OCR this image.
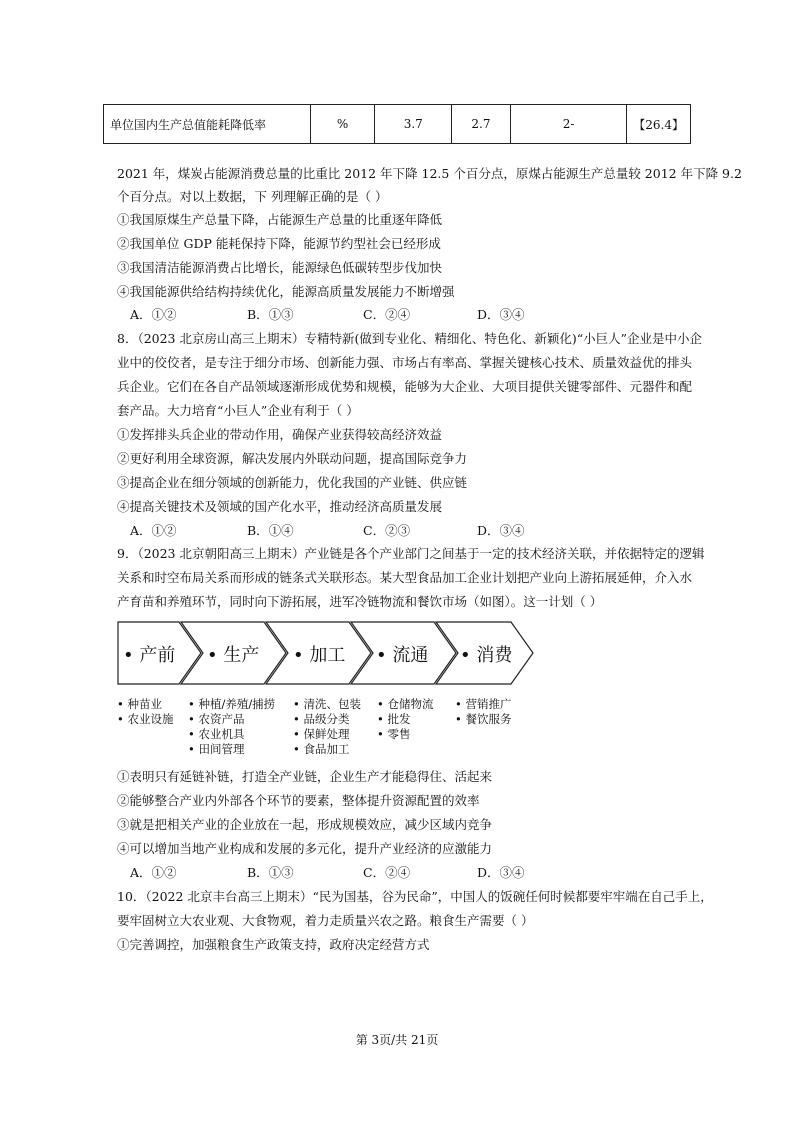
单位国内生产总值能耗降低率	%	3.7	2.7	2-	【26.4】
2021 年，煤炭占能源消费总量的比重比 2012 年下降 12.5 个百分点，原煤占能源生产总量较 2012 年下降 9.2
个百分点。对以上数据，下 列理解正确的是（ ）
①我国原煤生产总量下降，占能源生产总量的比重逐年降低
②我国单位 GDP 能耗保持下降，能源节约型社会已经形成
③我国清洁能源消费占比增长，能源绿色低碳转型步伐加快
④我国能源供给结构持续优化，能源高质量发展能力不断增强
A．①②	B．①③	C．②④	D．③④
8．（2023 北京房山高三上期末）专精特新(做到专业化、精细化、特色化、新颖化)“小巨人”企业是中小企
业中的佼佼者，是专注于细分市场、创新能力强、市场占有率高、掌握关键核心技术、质量效益优的排头
兵企业。它们在各自产品领域逐渐形成优势和规模，能够为大企业、大项目提供关键零部件、元器件和配
套产品。大力培育“小巨人”企业有利于（ ）
①发挥排头兵企业的带动作用，确保产业获得较高经济效益
②更好利用全球资源，解决发展内外联动问题，提高国际竞争力
③提高企业在细分领域的创新能力，优化我国的产业链、供应链
④提高关键技术及领域的国产化水平，推动经济高质量发展
A．①②	B．①④	C．②③	D．③④
9．（2023 北京朝阳高三上期末）产业链是各个产业部门之间基于一定的技术经济关联，并依据特定的逻辑
关系和时空布局关系而形成的链条式关联形态。某大型食品加工企业计划把产业向上游拓展延伸，介入水
产育苗和养殖环节，同时向下游拓展，进军冷链物流和餐饮市场（如图）。这一计划（ ）
• 产前 • 生产 • 加工 • 流通 • 消费
• 种苗业
• 农业设施
• 种植/养殖/捕捞
• 农资产品
• 农业机具
• 田间管理
• 清洗、包装
• 品级分类
• 保鲜处理
• 食品加工
• 仓储物流
• 批发
• 零售
• 营销推广
• 餐饮服务
①表明只有延链补链，打造全产业链，企业生产才能稳得住、活起来
②能够整合产业内外部各个环节的要素，整体提升资源配置的效率
③就是把相关产业的企业放在一起，形成规模效应，减少区域内竞争
④可以增加当地产业构成和发展的多元化，提升产业经济的应激能力
A．①②	B．①③	C．②④	D．③④
10．（2022 北京丰台高三上期末）“民为国基，谷为民命”，中国人的饭碗任何时候都要牢牢端在自己手上，
要牢固树立大农业观、大食物观，着力走质量兴农之路。粮食生产需要（ ）
①完善调控，加强粮食生产政策支持，政府决定经营方式
第 3页/共 21页
